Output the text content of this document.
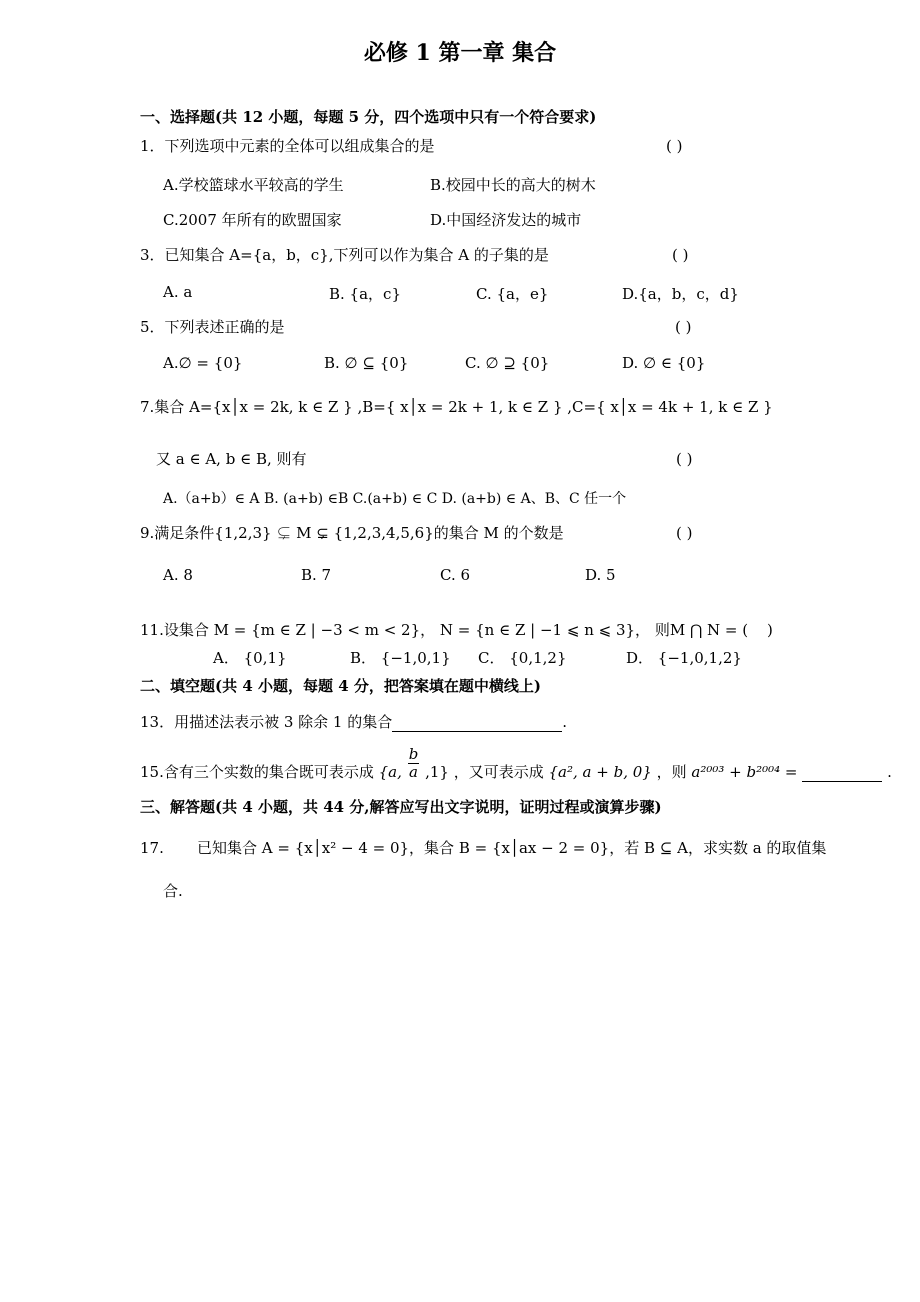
必修 1 第一章 集合
一、选择题(共 12 小题，每题 5 分，四个选项中只有一个符合要求)
1．下列选项中元素的全体可以组成集合的是	( )
A.学校篮球水平较高的学生	B.校园中长的高大的树木
C.2007 年所有的欧盟国家	D.中国经济发达的城市
3．已知集合 A={a，b，c},下列可以作为集合 A 的子集的是	( )
A. a	B. {a，c}	C. {a，e}	D.{a，b，c，d}
5．下列表述正确的是	( )
A.∅ = {0}	B. ∅ ⊆ {0}	C. ∅ ⊇ {0}	D. ∅ ∈ {0}
7.集合 A={x│x = 2k, k ∈ Z } ,B={ x│x = 2k + 1, k ∈ Z } ,C={ x│x = 4k + 1, k ∈ Z }
又 a ∈ A, b ∈ B, 则有	( )
A.（a+b）∈ A B. (a+b) ∈B C.(a+b) ∈ C D. (a+b) ∈ A、B、C 任一个
9.满足条件{1,2,3} ⊊ M ⊊ {1,2,3,4,5,6}的集合 M 的个数是	( )
A. 8	B. 7	C. 6	D. 5
11.设集合 M = {m ∈ Z | −3 < m < 2}， N = {n ∈ Z | −1 ⩽ n ⩽ 3}， 则M ⋂ N = ( )
A． {0,1}	B． {−1,0,1} C． {0,1,2}	D． {−1,0,1,2}
二、填空题(共 4 小题，每题 4 分，把答案填在题中横线上)
13．用描述法表示被 3 除余 1 的集合	.
15.含有三个实数的集合既可表示成 {a, $\frac{b}{a} ,1$} ，又可表示成 {a², a + b, 0} ，则 a²⁰⁰³ + b²⁰⁰⁴ =	.
三、解答题(共 4 小题，共 44 分,解答应写出文字说明，证明过程或演算步骤)
17. 已知集合 A = {x│x² − 4 = 0}，集合 B = {x│ax − 2 = 0}，若 B ⊆ A，求实数 a 的取值集
合.
